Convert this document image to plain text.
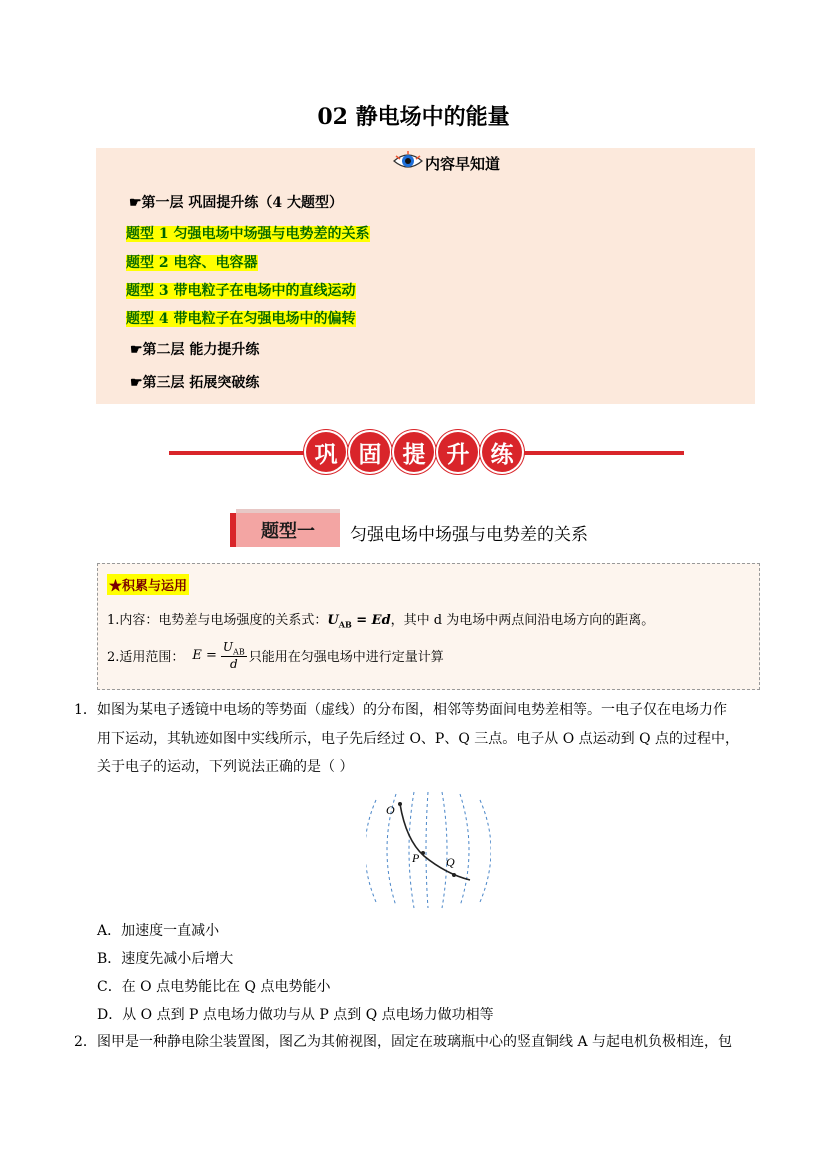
02 静电场中的能量
内容早知道
☛第一层 巩固提升练（4 大题型）
题型 1 匀强电场中场强与电势差的关系
题型 2 电容、电容器
题型 3 带电粒子在电场中的直线运动
题型 4 带电粒子在匀强电场中的偏转
☛第二层 能力提升练
☛第三层 拓展突破练
巩 固 提 升 练
题型一	匀强电场中场强与电势差的关系
★积累与运用
1.内容：电势差与电场强度的关系式：$U_{AB} = Ed$，其中 d 为电场中两点间沿电场方向的距离。
2.适用范围： E =
$U_{AB}$
d 只能用在匀强电场中进行定量计算
1． 如图为某电子透镜中电场的等势面（虚线）的分布图，相邻等势面间电势差相等。一电子仅在电场力作
用下运动，其轨迹如图中实线所示，电子先后经过 O、P、Q 三点。电子从 O 点运动到 Q 点的过程中，
关于电子的运动，下列说法正确的是（ ）
O
P Q
A．加速度一直减小
B．速度先减小后增大
C．在 O 点电势能比在 Q 点电势能小
D．从 O 点到 P 点电场力做功与从 P 点到 Q 点电场力做功相等
2． 图甲是一种静电除尘装置图，图乙为其俯视图，固定在玻璃瓶中心的竖直铜线 A 与起电机负极相连，包
